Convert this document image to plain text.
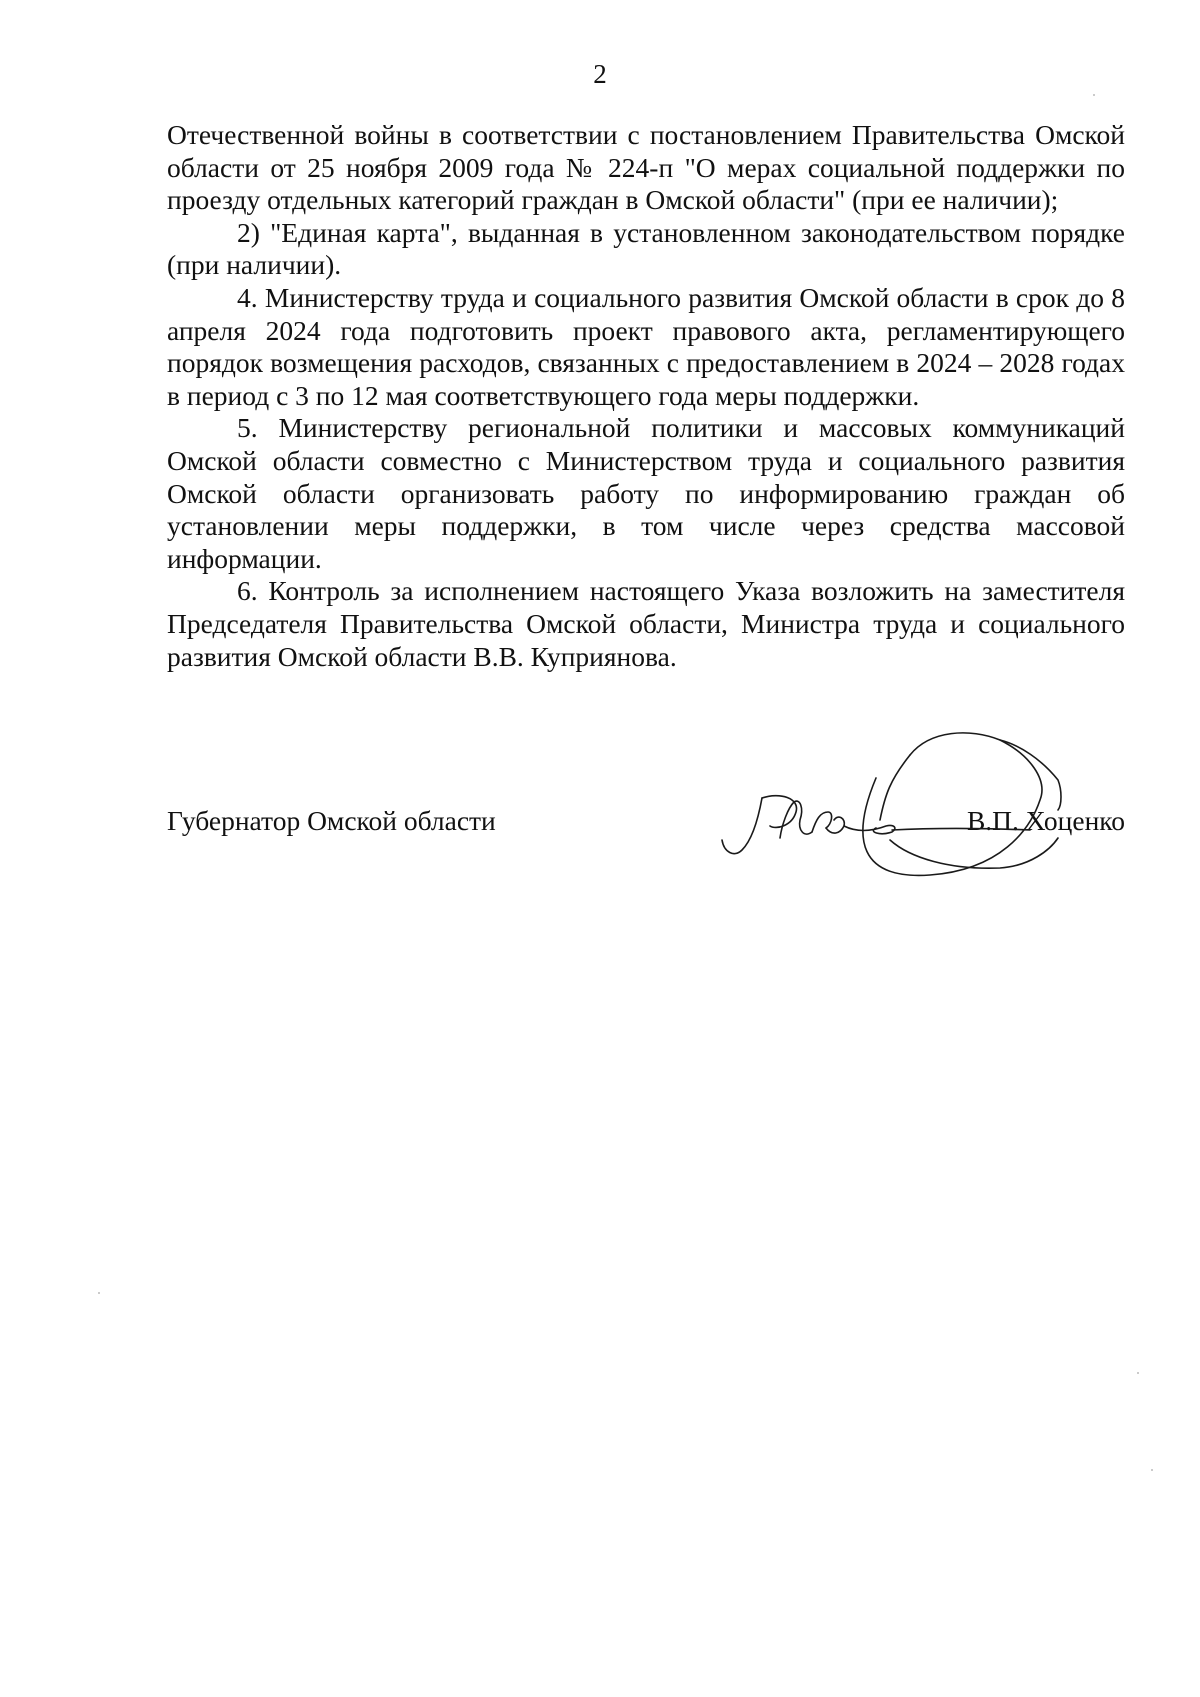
2

Отечественной войны в соответствии с постановлением Правительства Омской области от 25 ноября 2009 года № 224-п "О мерах социальной поддержки по проезду отдельных категорий граждан в Омской области" (при ее наличии);

2) "Единая карта", выданная в установленном законодательством порядке (при наличии).

4. Министерству труда и социального развития Омской области в срок до 8 апреля 2024 года подготовить проект правового акта, регламентирующего порядок возмещения расходов, связанных с предоставлением в 2024 – 2028 годах в период с 3 по 12 мая соответствующего года меры поддержки.

5. Министерству региональной политики и массовых коммуникаций Омской области совместно с Министерством труда и социального развития Омской области организовать работу по информированию граждан об установлении меры поддержки, в том числе через средства массовой информации.

6. Контроль за исполнением настоящего Указа возложить на заместителя Председателя Правительства Омской области, Министра труда и социального развития Омской области В.В. Куприянова.

Губернатор Омской области	В.П. Хоценко
